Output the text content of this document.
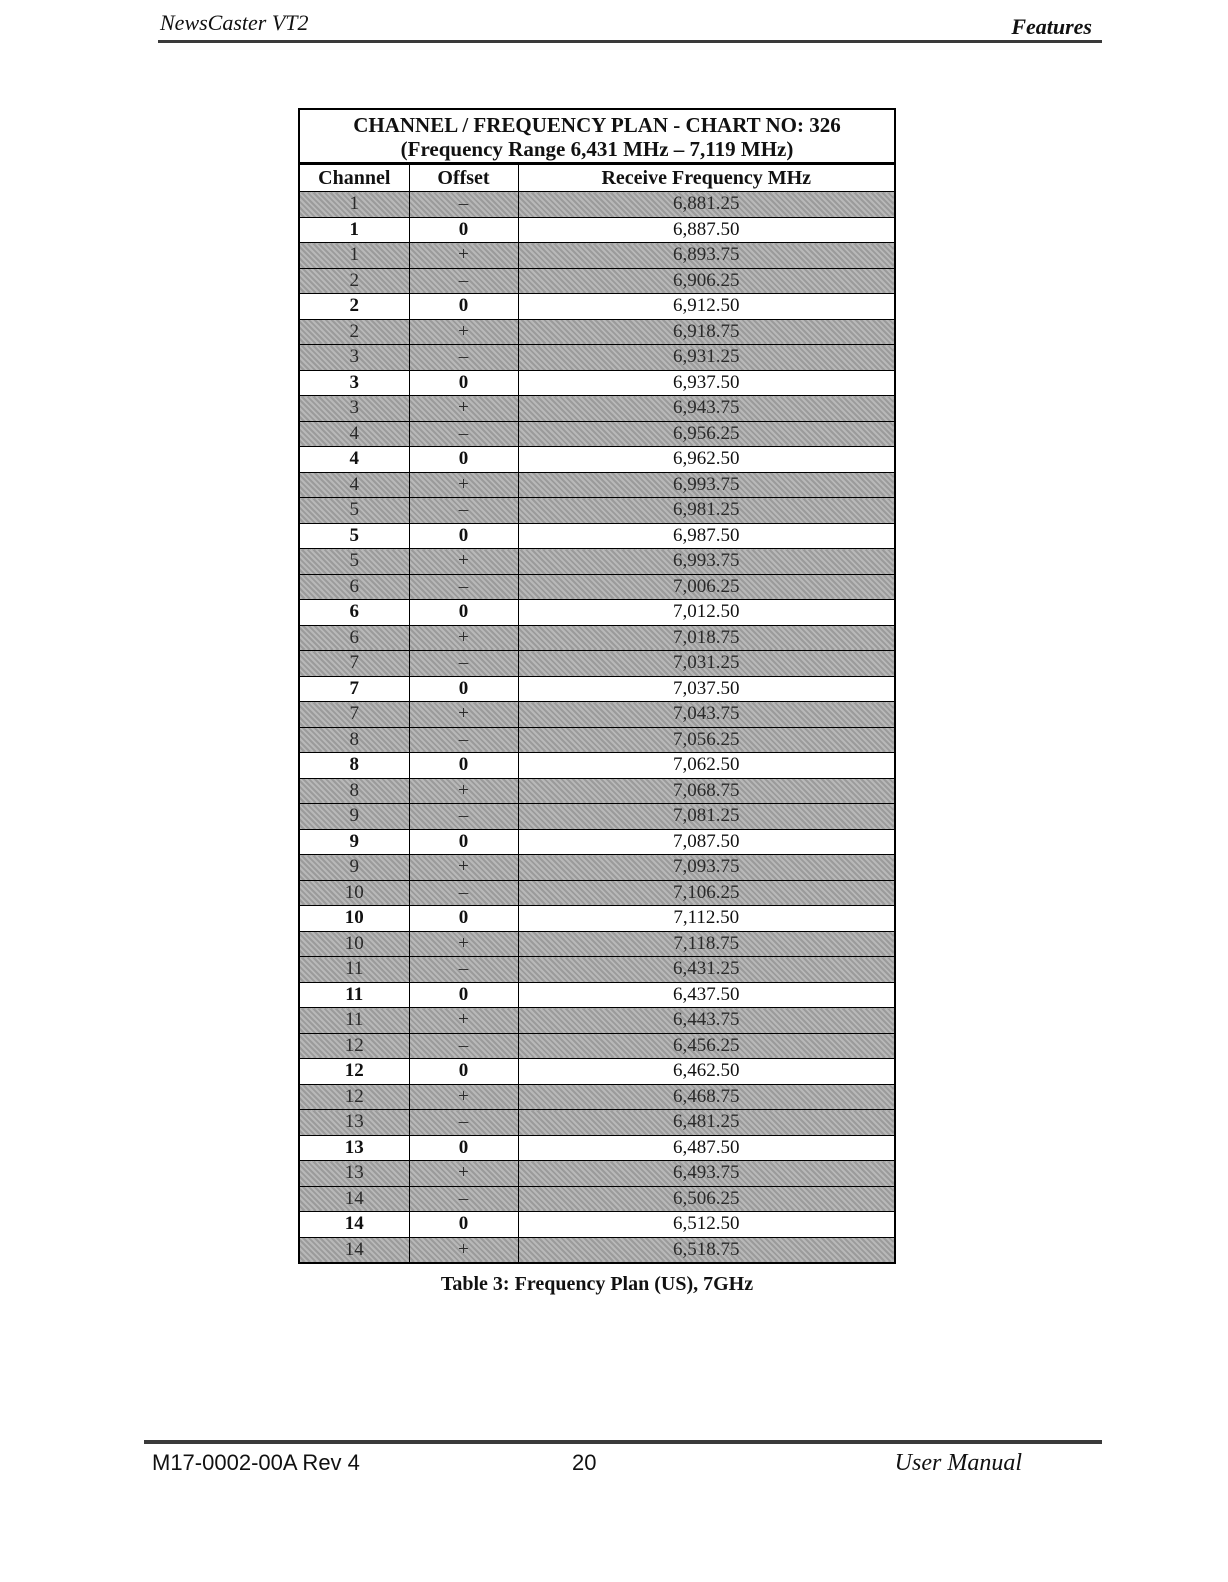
NewsCaster VT2	Features
CHANNEL / FREQUENCY PLAN - CHART NO: 326
(Frequency Range 6,431 MHz – 7,119 MHz)
Channel	Offset	Receive Frequency MHz
1	–	6,881.25
1	0	6,887.50
1	+	6,893.75
2	–	6,906.25
2	0	6,912.50
2	+	6,918.75
3	–	6,931.25
3	0	6,937.50
3	+	6,943.75
4	–	6,956.25
4	0	6,962.50
4	+	6,993.75
5	–	6,981.25
5	0	6,987.50
5	+	6,993.75
6	–	7,006.25
6	0	7,012.50
6	+	7,018.75
7	–	7,031.25
7	0	7,037.50
7	+	7,043.75
8	–	7,056.25
8	0	7,062.50
8	+	7,068.75
9	–	7,081.25
9	0	7,087.50
9	+	7,093.75
10	–	7,106.25
10	0	7,112.50
10	+	7,118.75
11	–	6,431.25
11	0	6,437.50
11	+	6,443.75
12	–	6,456.25
12	0	6,462.50
12	+	6,468.75
13	–	6,481.25
13	0	6,487.50
13	+	6,493.75
14	–	6,506.25
14	0	6,512.50
14	+	6,518.75
Table 3: Frequency Plan (US), 7GHz
M17-0002-00A Rev 4	20	User Manual
